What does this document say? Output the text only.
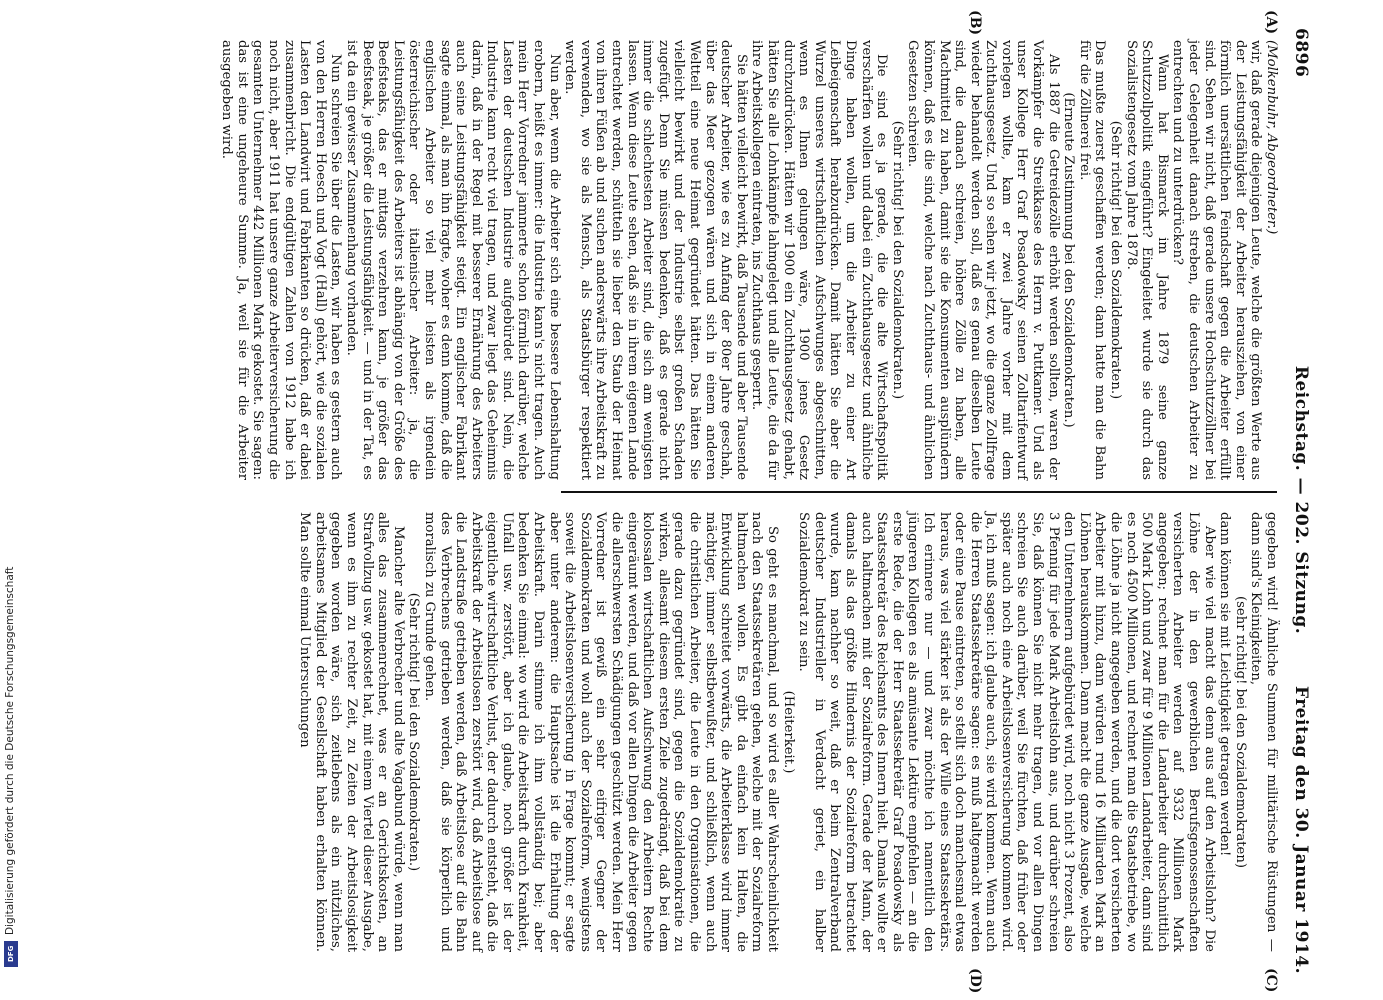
6896
Reichstag. — 202. Sitzung.
Freitag den 30. Januar 1914.
(A)
(B)
(C)
(D)

(Molkenbuhr, Abgeordneter.)

wir, daß gerade diejenigen Leute, welche die größten Werte aus der Leistungsfähigkeit der Arbeiter herausziehen, von einer förmlich unersättlichen Feindschaft gegen die Arbeiter erfüllt sind. Sehen wir nicht, daß gerade unsere Hochschutzzöllner bei jeder Gelegenheit danach streben, die deutschen Arbeiter zu entrechten und zu unterdrücken?

Wann hat Bismarck im Jahre 1879 seine ganze Schutzzollpolitik eingeführt? Eingeleitet wurde sie durch das Sozialistengesetz vom Jahre 1878.

(Sehr richtig! bei den Sozialdemokraten.)

Das mußte zuerst geschaffen werden; dann hatte man die Bahn für die Zöllnerei frei.

(Erneute Zustimmung bei den Sozialdemokraten.)

Als 1887 die Getreidezölle erhöht werden sollten, waren der Vorkämpfer die Streikkasse des Herrn v. Puttkamer. Und als unser Kollege Herr Graf Posadowsky seinen Zolltarifentwurf vorlegen wollte, kam er zwei Jahre vorher mit dem Zuchthausgesetz. Und so sehen wir jetzt, wo die ganze Zollfrage wieder behandelt werden soll, daß es genau dieselben Leute sind, die danach schreien, höhere Zölle zu haben, alle Machtmittel zu haben, damit sie die Konsumenten ausplündern können, daß es die sind, welche nach Zuchthaus- und ähnlichen Gesetzen schreien.

(Sehr richtig! bei den Sozialdemokraten.)

Die sind es ja gerade, die die alte Wirtschaftspolitik verschärfen wollen und dabei ein Zuchthausgesetz und ähnliche Dinge haben wollen, um die Arbeiter zu einer Art Leibeigenschaft herabzudrücken. Damit hätten Sie aber die Wurzel unseres wirtschaftlichen Aufschwunges abgeschnitten, wenn es Ihnen gelungen wäre, 1900 jenes Gesetz durchzudrücken. Hätten wir 1900 ein Zuchthausgesetz gehabt, hätten Sie alle Lohnkämpfe lahmgelegt und alle Leute, die da für ihre Arbeitskollegen eintraten, ins Zuchthaus gesperrt.

Sie hätten vielleicht bewirkt, daß Tausende und aber Tausende deutscher Arbeiter, wie es zu Anfang der 80er Jahre geschah, über das Meer gezogen wären und sich in einem anderen Weltteil eine neue Heimat gegründet hätten. Das hätten Sie vielleicht bewirkt und der Industrie selbst großen Schaden zugefügt. Denn Sie müssen bedenken, daß es gerade nicht immer die schlechtesten Arbeiter sind, die sich am wenigsten lassen. Wenn diese Leute sehen, daß sie in ihrem eigenen Lande entrechtet werden, schütteln sie lieber den Staub der Heimat von ihren Füßen ab und suchen anderswärts ihre Arbeitskraft zu verwenden, wo sie als Mensch, als Staatsbürger respektiert werden.

Nun aber, wenn die Arbeiter sich eine bessere Lebenshaltung erobern, heißt es immer: die Industrie kann's nicht tragen. Auch mein Herr Vorredner jammerte schon förmlich darüber, welche Lasten der deutschen Industrie aufgebürdet sind. Nein, die Industrie kann recht viel tragen, und zwar liegt das Geheimnis darin, daß in der Regel mit besserer Ernährung des Arbeiters auch seine Leistungsfähigkeit steigt. Ein englischer Fabrikant sagte einmal, als man ihn fragte, woher es denn komme, daß die englischen Arbeiter so viel mehr leisten als irgendein österreichischer oder italienischer Arbeiter: ja, die Leistungsfähigkeit des Arbeiters ist abhängig von der Größe des Beefsteaks, das er mittags verzehren kann, je größer das Beefsteak, je größer die Leistungsfähigkeit. — und in der Tat, es ist da ein gewisser Zusammenhang vorhanden.

Nun schreien Sie über die Lasten, wir haben es gestern auch von den Herren Hoesch und Vogt (Hall) gehört, wie die sozialen Lasten den Landwirt und Fabrikanten so drücken, daß er dabei zusammenbricht. Die endgültigen Zahlen von 1912 habe ich noch nicht, aber 1911 hat unsere ganze Arbeiterversicherung die gesamten Unternehmer 442 Millionen Mark gekostet. Sie sagen: das ist eine ungeheure Summe. Ja, weil sie für die Arbeiter ausgegeben wird.

gegeben wird! Ähnliche Summen für militärische Rüstungen — dann sind's Kleinigkeiten,

(sehr richtig! bei den Sozialdemokraten)

dann können sie mit Leichtigkeit getragen werden!

Aber wie viel macht das denn aus auf den Arbeitslohn? Die Löhne der in den gewerblichen Berufsgenossenschaften versicherten Arbeiter werden auf 9332 Millionen Mark angegeben; rechnet man für die Landarbeiter durchschnittlich 500 Mark Lohn und zwar für 9 Millionen Landarbeiter, dann sind es noch 4500 Millionen, und rechnet man die Staatsbetriebe, wo die Löhne ja nicht angegeben werden, und die dort versicherten Arbeiter mit hinzu, dann würden rund 16 Milliarden Mark an Löhnen herauskommen. Dann macht die ganze Ausgabe, welche den Unternehmern aufgebürdet wird, noch nicht 3 Prozent, also 3 Pfennig für jede Mark Arbeitslohn aus, und darüber schreien Sie, daß können Sie nicht mehr tragen, und vor allen Dingen schreien Sie auch darüber, weil Sie fürchten, daß früher oder später auch noch eine Arbeitslosenversicherung kommen wird. Ja, ich muß sagen: ich glaube auch, sie wird kommen. Wenn auch die Herren Staatssekretäre sagen: es muß haltgemacht werden oder eine Pause eintreten, so stellt sich doch manchesmal etwas heraus, was viel stärker ist als der Wille eines Staatssekretärs. Ich erinnere nur — und zwar möchte ich namentlich den jüngeren Kollegen es als amüsante Lektüre empfehlen — an die erste Rede, die der Herr Staatssekretär Graf Posadowsky als Staatssekretär des Reichsamts des Innern hielt. Damals wollte er auch haltmachen mit der Sozialreform. Gerade der Mann, der damals als das größte Hindernis der Sozialreform betrachtet wurde, kam nachher so weit, daß er beim Zentralverband deutscher Industrieller in Verdacht geriet, ein halber Sozialdemokrat zu sein.

(Heiterkeit.)

So geht es manchmal, und so wird es aller Wahrscheinlichkeit nach den Staatssekretären gehen, welche mit der Sozialreform haltmachen wollen. Es gibt da einfach kein Halten, die Entwicklung schreitet vorwärts, die Arbeiterklasse wird immer mächtiger, immer selbstbewußter, und schließlich, wenn auch die christlichen Arbeiter, die Leute in den Organisationen, die gerade dazu gegründet sind, gegen die Sozialdemokratie zu wirken, allesamt diesem ersten Ziele zugedrängt, daß bei dem kolossalen wirtschaftlichen Aufschwung den Arbeitern Rechte eingeräumt werden, und daß vor allen Dingen die Arbeiter gegen die allerschwersten Schädigungen geschützt werden. Mein Herr Vorredner ist gewiß ein sehr eifriger Gegner der Sozialdemokraten und wohl auch der Sozialreform, wenigstens soweit die Arbeitslosenversicherung in Frage kommt; er sagte aber unter anderem: die Hauptsache ist die Erhaltung der Arbeitskraft. Darin stimme ich ihm vollständig bei; aber bedenken Sie einmal: wo wird die Arbeitskraft durch Krankheit, Unfall usw. zerstört, aber ich glaube, noch größer ist der eigentliche wirtschaftliche Verlust, der dadurch entsteht, daß die Arbeitskraft der Arbeitslosen zerstört wird, daß Arbeitslose auf die Landstraße getrieben werden, daß Arbeitslose auf die Bahn des Verbrechens getrieben werden, daß sie körperlich und moralisch zu Grunde gehen.

(Sehr richtig! bei den Sozialdemokraten.)

Mancher alte Verbrecher und alte Vagabund würde, wenn man alles das zusammenrechnet, was er an Gerichtskosten, an Strafvollzug usw. gekostet hat, mit einem Viertel dieser Ausgabe, wenn es ihm zu rechter Zeit, zu Zeiten der Arbeitslosigkeit gegeben worden wäre, sich zeitlebens als ein nützliches, arbeitsames Mitglied der Gesellschaft haben erhalten können. Man sollte einmal Untersuchungen

Digitalisierung gefördert durch die Deutsche Forschungsgemeinschaft
DFG
